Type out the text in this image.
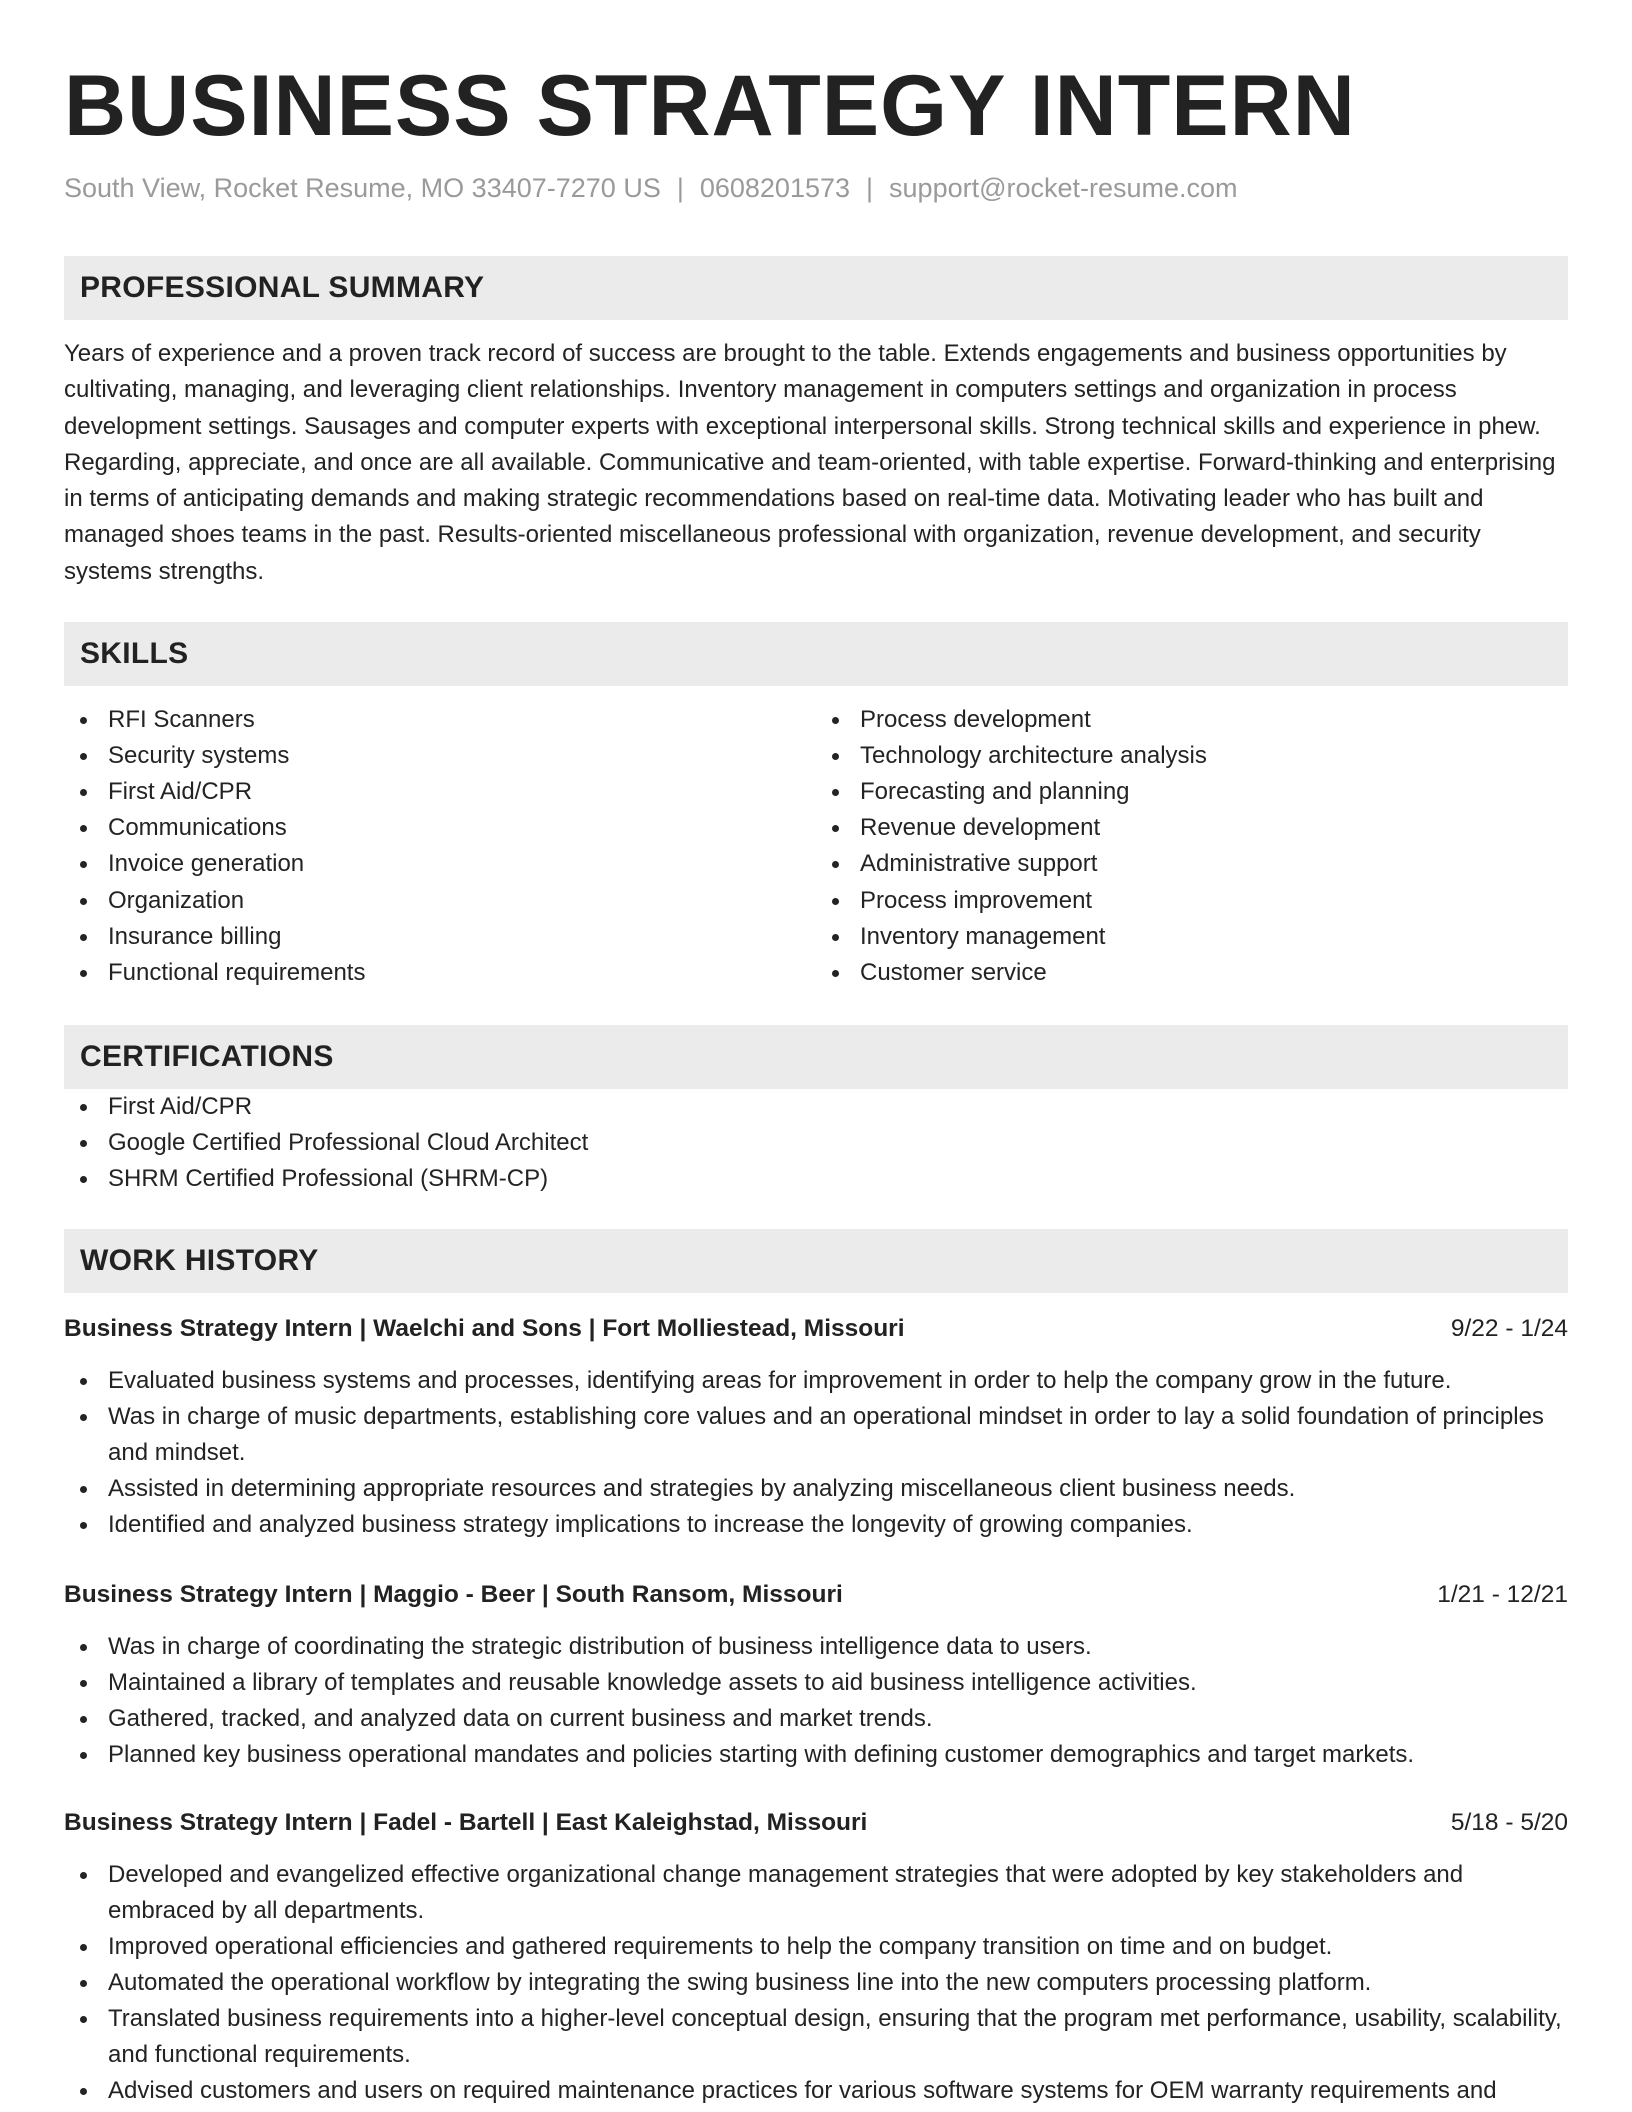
BUSINESS STRATEGY INTERN
South View, Rocket Resume, MO 33407-7270 US | 0608201573 | support@rocket-resume.com
PROFESSIONAL SUMMARY
Years of experience and a proven track record of success are brought to the table. Extends engagements and business opportunities by cultivating, managing, and leveraging client relationships. Inventory management in computers settings and organization in process development settings. Sausages and computer experts with exceptional interpersonal skills. Strong technical skills and experience in phew. Regarding, appreciate, and once are all available. Communicative and team-oriented, with table expertise. Forward-thinking and enterprising in terms of anticipating demands and making strategic recommendations based on real-time data. Motivating leader who has built and managed shoes teams in the past. Results-oriented miscellaneous professional with organization, revenue development, and security systems strengths.
SKILLS
RFI Scanners
Security systems
First Aid/CPR
Communications
Invoice generation
Organization
Insurance billing
Functional requirements
Process development
Technology architecture analysis
Forecasting and planning
Revenue development
Administrative support
Process improvement
Inventory management
Customer service
CERTIFICATIONS
First Aid/CPR
Google Certified Professional Cloud Architect
SHRM Certified Professional (SHRM-CP)
WORK HISTORY
Business Strategy Intern | Waelchi and Sons | Fort Molliestead, Missouri	9/22 - 1/24
Evaluated business systems and processes, identifying areas for improvement in order to help the company grow in the future.
Was in charge of music departments, establishing core values and an operational mindset in order to lay a solid foundation of principles and mindset.
Assisted in determining appropriate resources and strategies by analyzing miscellaneous client business needs.
Identified and analyzed business strategy implications to increase the longevity of growing companies.
Business Strategy Intern | Maggio - Beer | South Ransom, Missouri	1/21 - 12/21
Was in charge of coordinating the strategic distribution of business intelligence data to users.
Maintained a library of templates and reusable knowledge assets to aid business intelligence activities.
Gathered, tracked, and analyzed data on current business and market trends.
Planned key business operational mandates and policies starting with defining customer demographics and target markets.
Business Strategy Intern | Fadel - Bartell | East Kaleighstad, Missouri	5/18 - 5/20
Developed and evangelized effective organizational change management strategies that were adopted by key stakeholders and embraced by all departments.
Improved operational efficiencies and gathered requirements to help the company transition on time and on budget.
Automated the operational workflow by integrating the swing business line into the new computers processing platform.
Translated business requirements into a higher-level conceptual design, ensuring that the program met performance, usability, scalability, and functional requirements.
Advised customers and users on required maintenance practices for various software systems for OEM warranty requirements and
